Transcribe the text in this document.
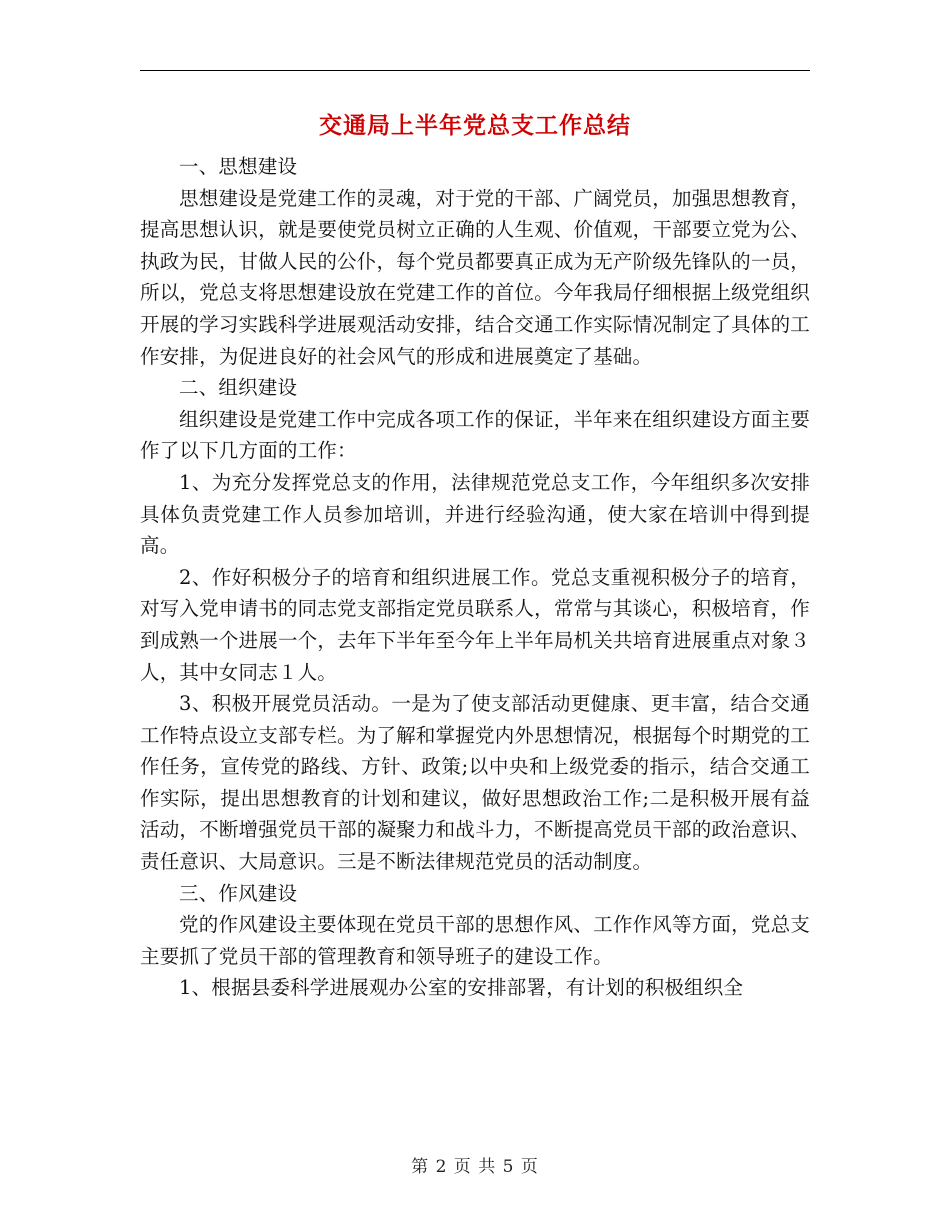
交通局上半年党总支工作总结
一、思想建设

思想建设是党建工作的灵魂，对于党的干部、广阔党员，加强思想教育，提高思想认识，就是要使党员树立正确的人生观、价值观，干部要立党为公、执政为民，甘做人民的公仆，每个党员都要真正成为无产阶级先锋队的一员，所以，党总支将思想建设放在党建工作的首位。今年我局仔细根据上级党组织开展的学习实践科学进展观活动安排，结合交通工作实际情况制定了具体的工作安排，为促进良好的社会风气的形成和进展奠定了基础。

二、组织建设

组织建设是党建工作中完成各项工作的保证，半年来在组织建设方面主要作了以下几方面的工作：

1、为充分发挥党总支的作用，法律规范党总支工作，今年组织多次安排具体负责党建工作人员参加培训，并进行经验沟通，使大家在培训中得到提高。

2、作好积极分子的培育和组织进展工作。党总支重视积极分子的培育，对写入党申请书的同志党支部指定党员联系人，常常与其谈心，积极培育，作到成熟一个进展一个，去年下半年至今年上半年局机关共培育进展重点对象３人，其中女同志１人。

3、积极开展党员活动。一是为了使支部活动更健康、更丰富，结合交通工作特点设立支部专栏。为了解和掌握党内外思想情况，根据每个时期党的工作任务，宣传党的路线、方针、政策;以中央和上级党委的指示，结合交通工作实际，提出思想教育的计划和建议，做好思想政治工作;二是积极开展有益活动，不断增强党员干部的凝聚力和战斗力，不断提高党员干部的政治意识、责任意识、大局意识。三是不断法律规范党员的活动制度。

三、作风建设

党的作风建设主要体现在党员干部的思想作风、工作作风等方面，党总支主要抓了党员干部的管理教育和领导班子的建设工作。

1、根据县委科学进展观办公室的安排部署，有计划的积极组织全

第 2 页 共 5 页
